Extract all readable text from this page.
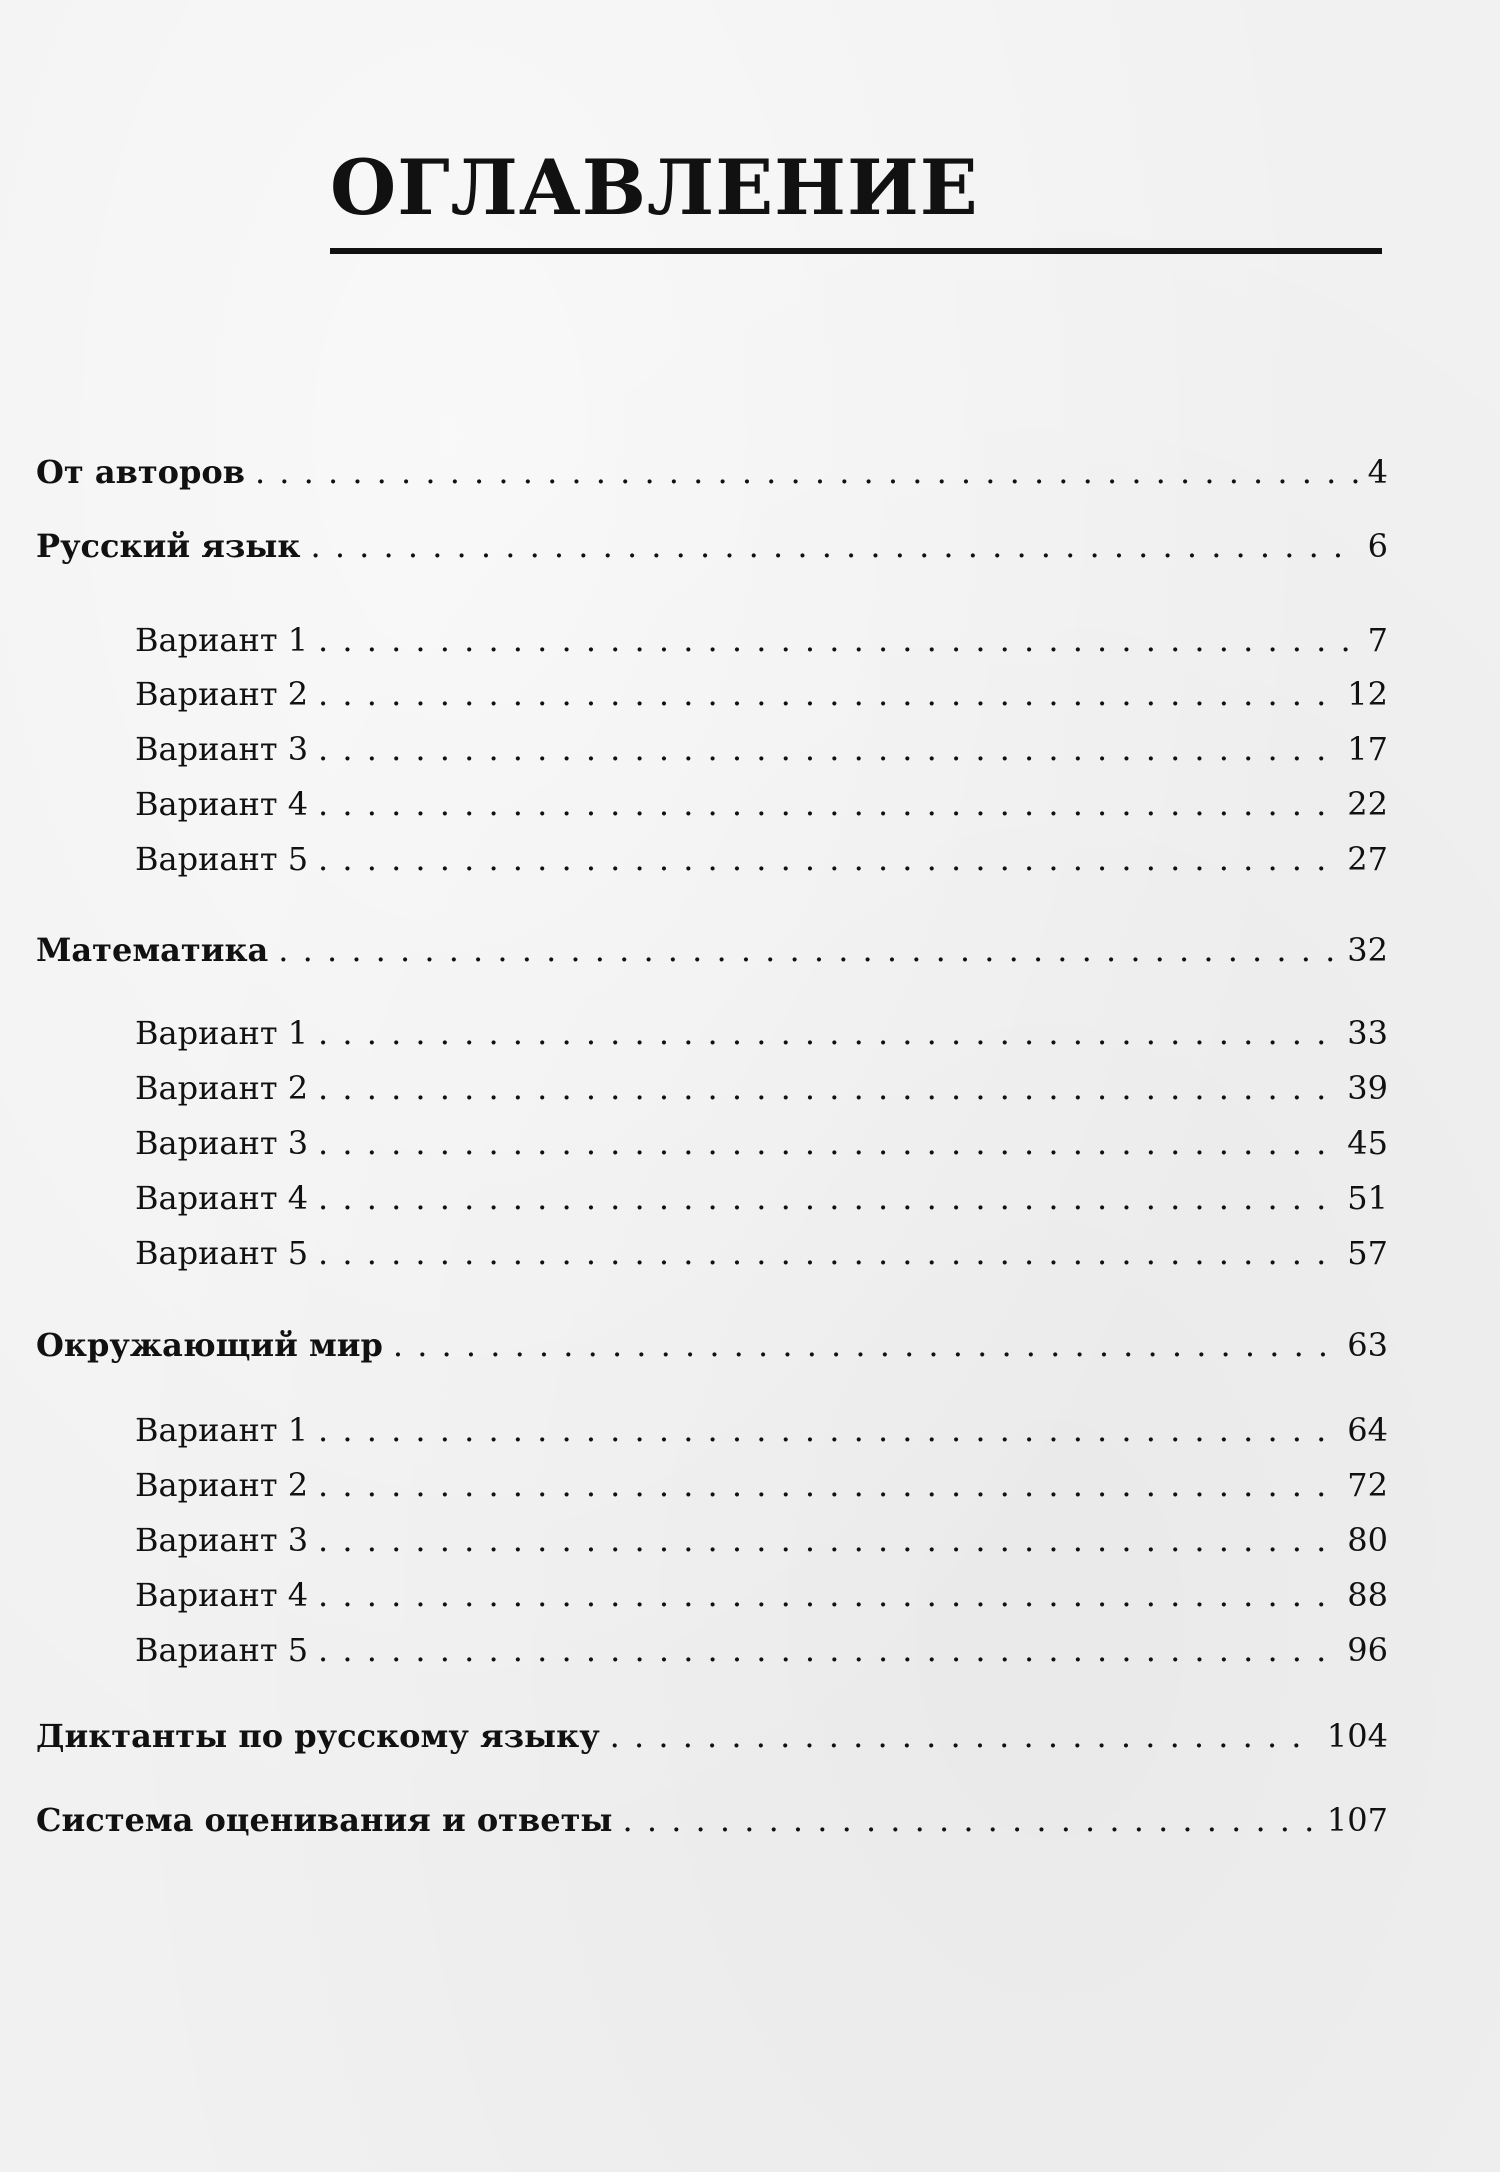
ОГЛАВЛЕНИЕ
От авторов . . .	4
Русский язык . . .	6
Вариант 1 . . .	7
Вариант 2 . . .	12
Вариант 3 . . .	17
Вариант 4 . . .	22
Вариант 5 . . .	27
Математика . . .	32
Вариант 1 . . .	33
Вариант 2 . . .	39
Вариант 3 . . .	45
Вариант 4 . . .	51
Вариант 5 . . .	57
Окружающий мир . . .	63
Вариант 1 . . .	64
Вариант 2 . . .	72
Вариант 3 . . .	80
Вариант 4 . . .	88
Вариант 5 . . .	96
Диктанты по русскому языку . . .	104
Система оценивания и ответы . . .	107
